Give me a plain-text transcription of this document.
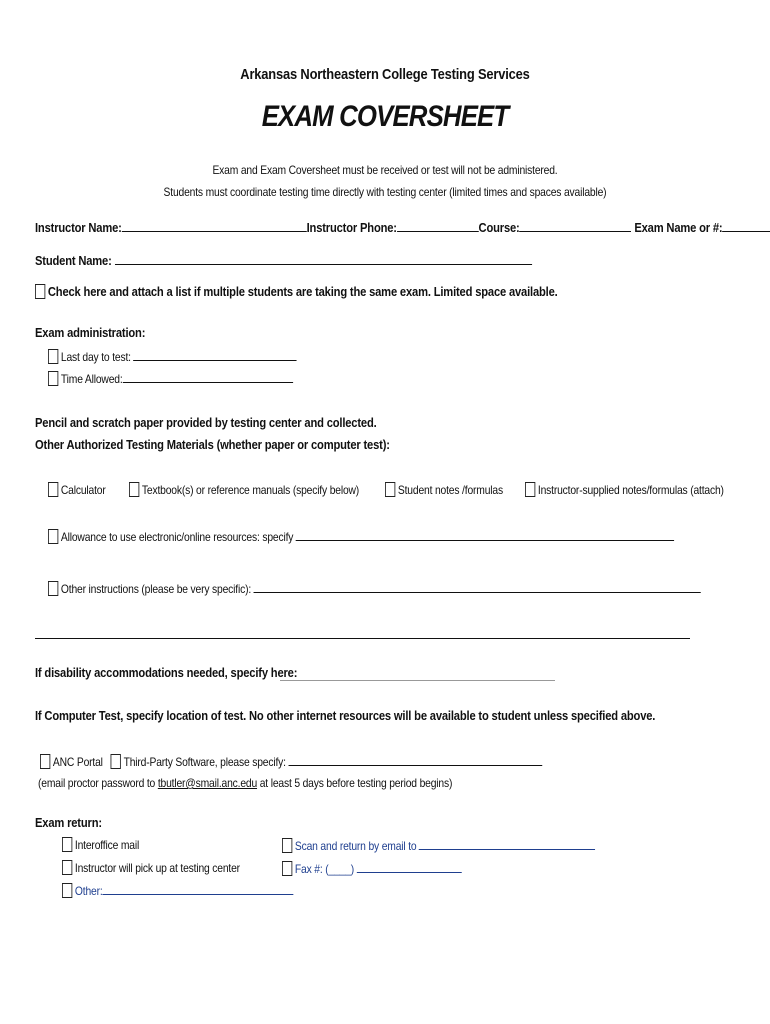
Arkansas Northeastern College Testing Services
EXAM COVERSHEET
Exam and Exam Coversheet must be received or test will not be administered.
Students must coordinate testing time directly with testing center (limited times and spaces available)
Instructor Name:	Instructor Phone:	Course:	Exam Name or #:
Student Name:
Check here and attach a list if multiple students are taking the same exam. Limited space available.
Exam administration:
Last day to test:
Time Allowed:
Pencil and scratch paper provided by testing center and collected.
Other Authorized Testing Materials (whether paper or computer test):
Calculator	Textbook(s) or reference manuals (specify below)	Student notes /formulas	Instructor-supplied notes/formulas (attach)
Allowance to use electronic/online resources: specify
Other instructions (please be very specific):
If disability accommodations needed, specify here:
If Computer Test, specify location of test. No other internet resources will be available to student unless specified above.
ANC Portal Third-Party Software, please specify:
(email proctor password to tbutler@smail.anc.edu at least 5 days before testing period begins)
Exam return:
Interoffice mail
Instructor will pick up at testing center
Other:
Scan and return by email to
Fax #: (____)
